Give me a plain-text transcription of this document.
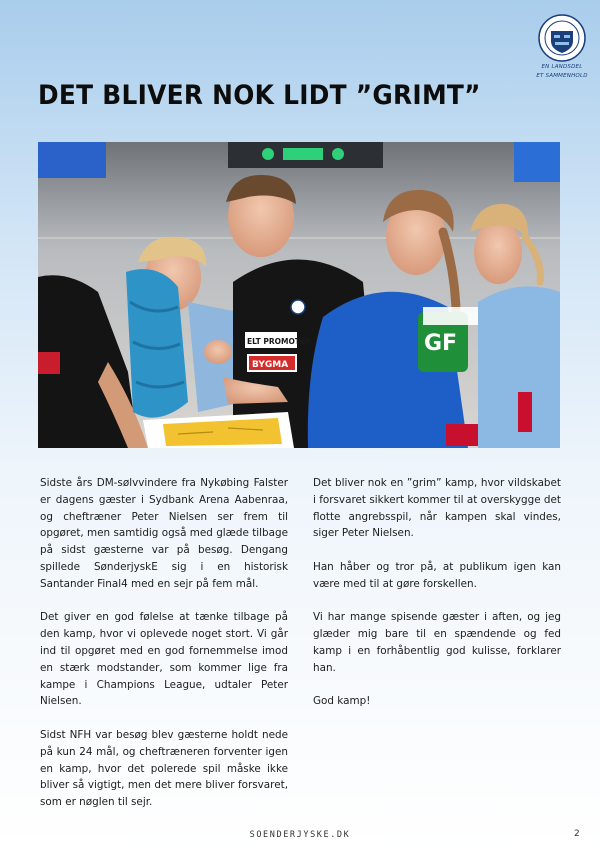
EN LANDSDEL
ET SAMMENHOLD
DET BLIVER NOK LIDT ”GRIMT”
ELT PROMOTER
BYGMA
GF

Sidste års DM-sølvvindere fra Nykøbing Falster er dagens gæster i Sydbank Arena Aabenraa, og cheftræner Peter Nielsen ser frem til opgøret, men samtidig også med glæde tilbage på sidst gæsterne var på besøg. Dengang spillede SønderjyskE sig i en historisk Santander Final4 med en sejr på fem mål.

Det giver en god følelse at tænke tilbage på den kamp, hvor vi oplevede noget stort. Vi går ind til opgøret med en god fornemmelse imod en stærk modstander, som kommer lige fra kampe i Champions League, udtaler Peter Nielsen.

Sidst NFH var besøg blev gæsterne holdt nede på kun 24 mål, og cheftræneren forventer igen en kamp, hvor det polerede spil måske ikke bliver så vigtigt, men det mere bliver forsvaret, som er nøglen til sejr.

Det bliver nok en ”grim” kamp, hvor vildskabet i forsvaret sikkert kommer til at overskygge det flotte angrebsspil, når kampen skal vindes, siger Peter Nielsen.

Han håber og tror på, at publikum igen kan være med til at gøre forskellen.

Vi har mange spisende gæster i aften, og jeg glæder mig bare til en spændende og fed kamp i en forhåbentlig god kulisse, forklarer han.

God kamp!

SOENDERJYSKE.DK	2
